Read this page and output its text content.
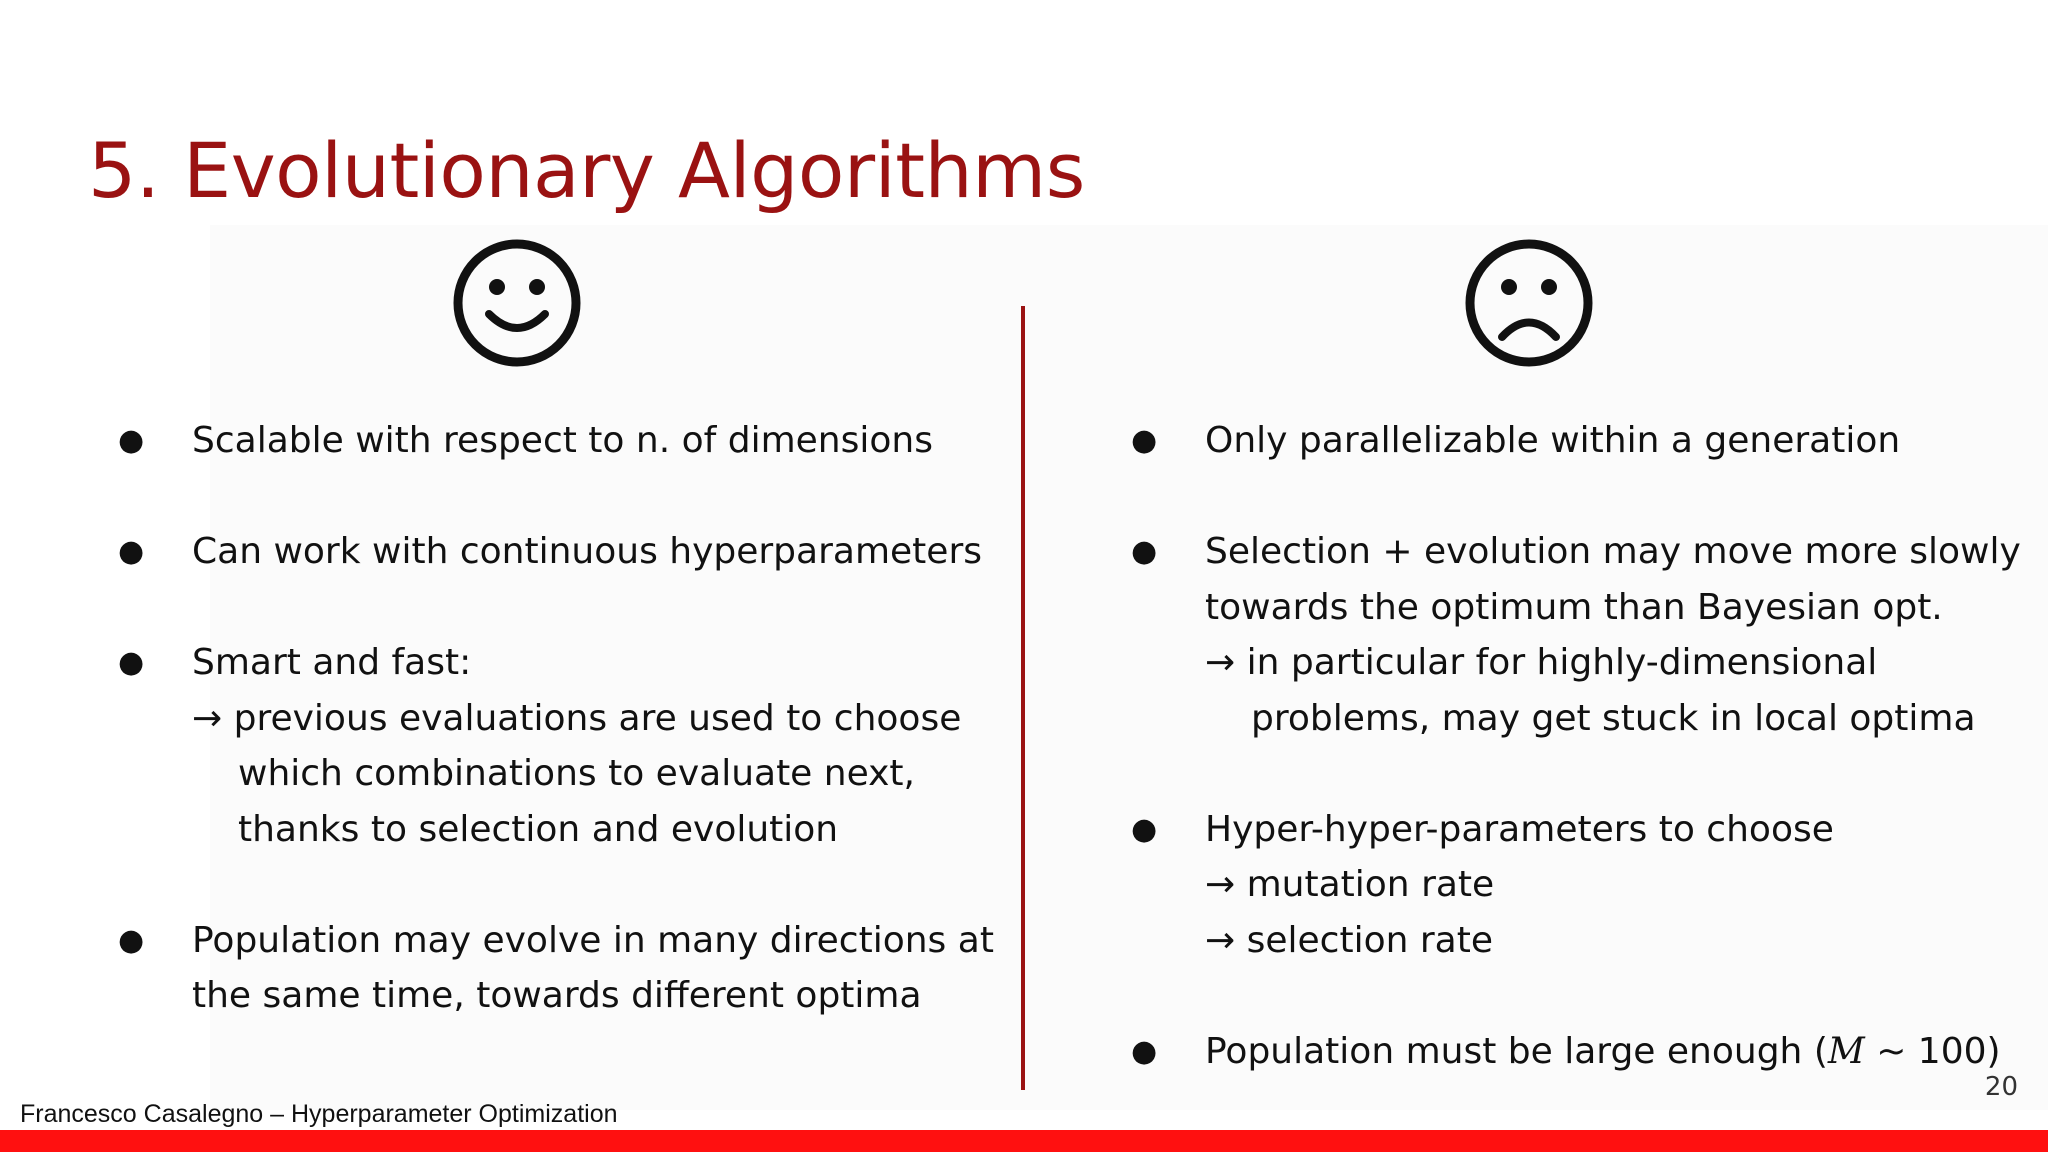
5. Evolutionary Algorithms
● Scalable with respect to n. of dimensions
● Can work with continuous hyperparameters
● Smart and fast:
→ previous evaluations are used to choose
which combinations to evaluate next,
thanks to selection and evolution
● Population may evolve in many directions at
the same time, towards different optima
● Only parallelizable within a generation
● Selection + evolution may move more slowly
towards the optimum than Bayesian opt.
→ in particular for highly-dimensional
problems, may get stuck in local optima
● Hyper-hyper-parameters to choose
→ mutation rate
→ selection rate
● Population must be large enough (M ~ 100)
20
Francesco Casalegno – Hyperparameter Optimization
